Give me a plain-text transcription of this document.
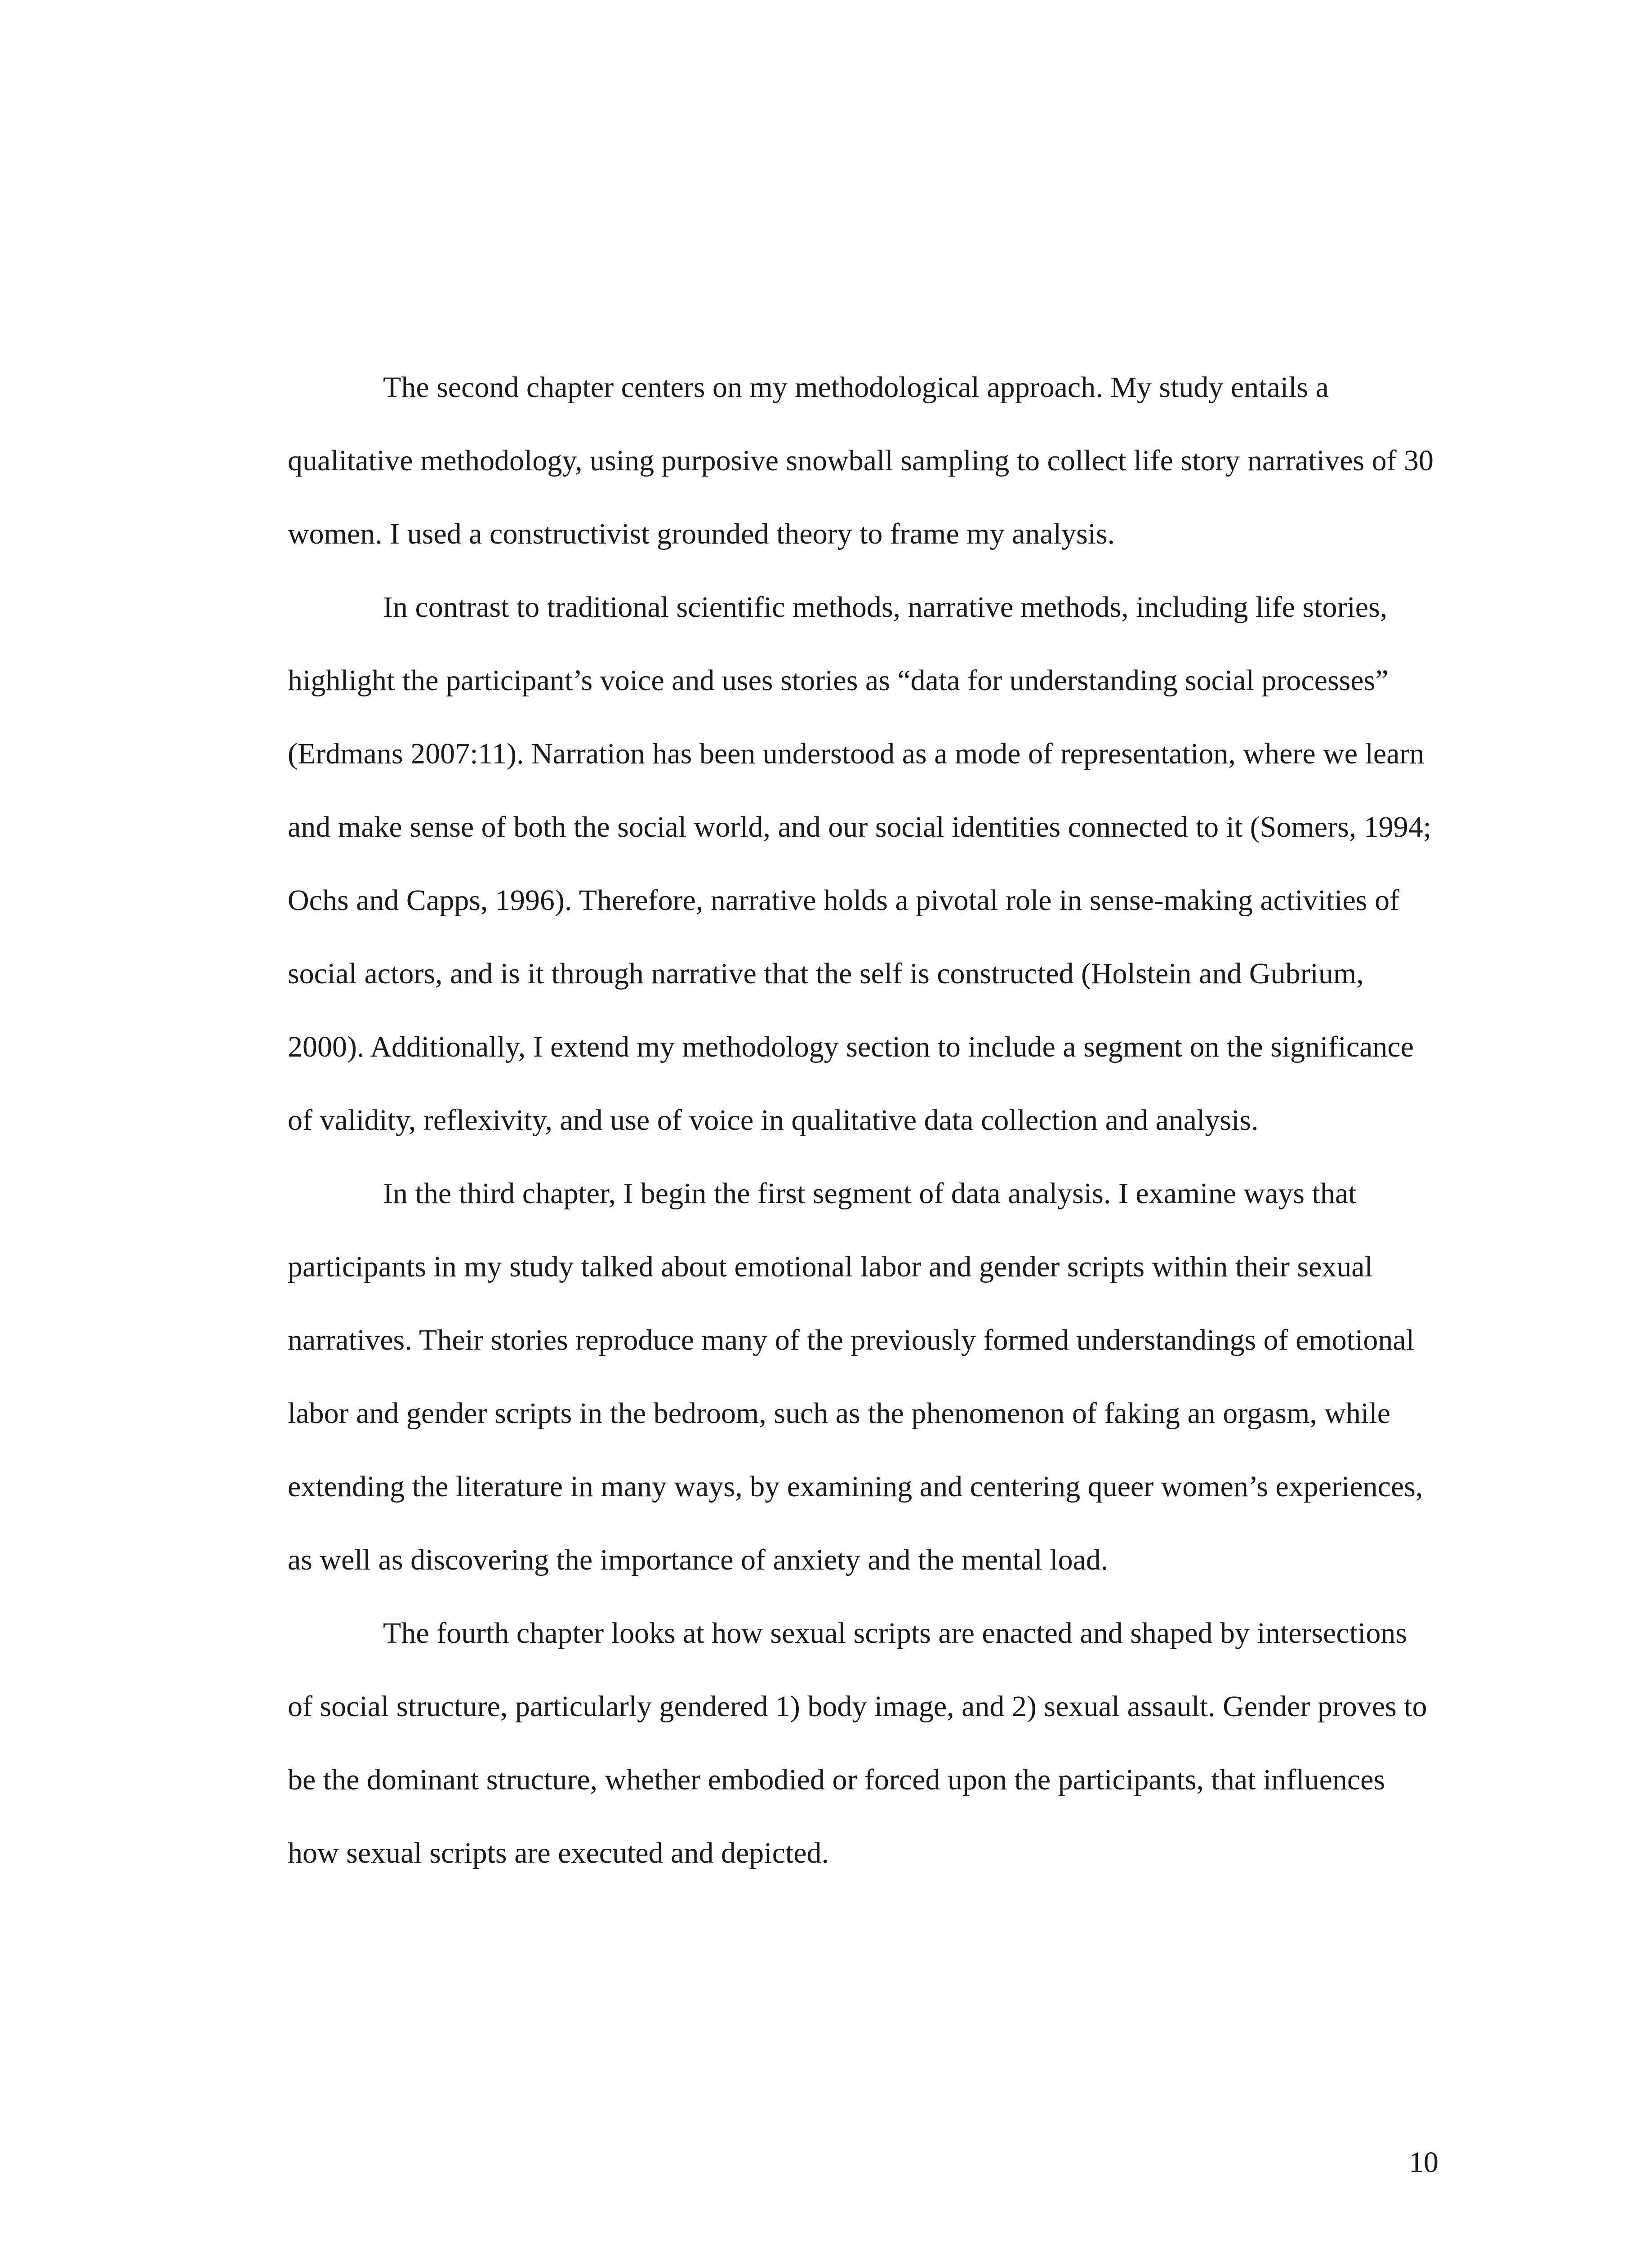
The second chapter centers on my methodological approach. My study entails a qualitative methodology, using purposive snowball sampling to collect life story narratives of 30 women. I used a constructivist grounded theory to frame my analysis.

In contrast to traditional scientific methods, narrative methods, including life stories, highlight the participant’s voice and uses stories as “data for understanding social processes” (Erdmans 2007:11). Narration has been understood as a mode of representation, where we learn and make sense of both the social world, and our social identities connected to it (Somers, 1994; Ochs and Capps, 1996). Therefore, narrative holds a pivotal role in sense-making activities of social actors, and is it through narrative that the self is constructed (Holstein and Gubrium, 2000). Additionally, I extend my methodology section to include a segment on the significance of validity, reflexivity, and use of voice in qualitative data collection and analysis.

In the third chapter, I begin the first segment of data analysis. I examine ways that participants in my study talked about emotional labor and gender scripts within their sexual narratives. Their stories reproduce many of the previously formed understandings of emotional labor and gender scripts in the bedroom, such as the phenomenon of faking an orgasm, while extending the literature in many ways, by examining and centering queer women’s experiences, as well as discovering the importance of anxiety and the mental load.

The fourth chapter looks at how sexual scripts are enacted and shaped by intersections of social structure, particularly gendered 1) body image, and 2) sexual assault. Gender proves to be the dominant structure, whether embodied or forced upon the participants, that influences how sexual scripts are executed and depicted.

10
